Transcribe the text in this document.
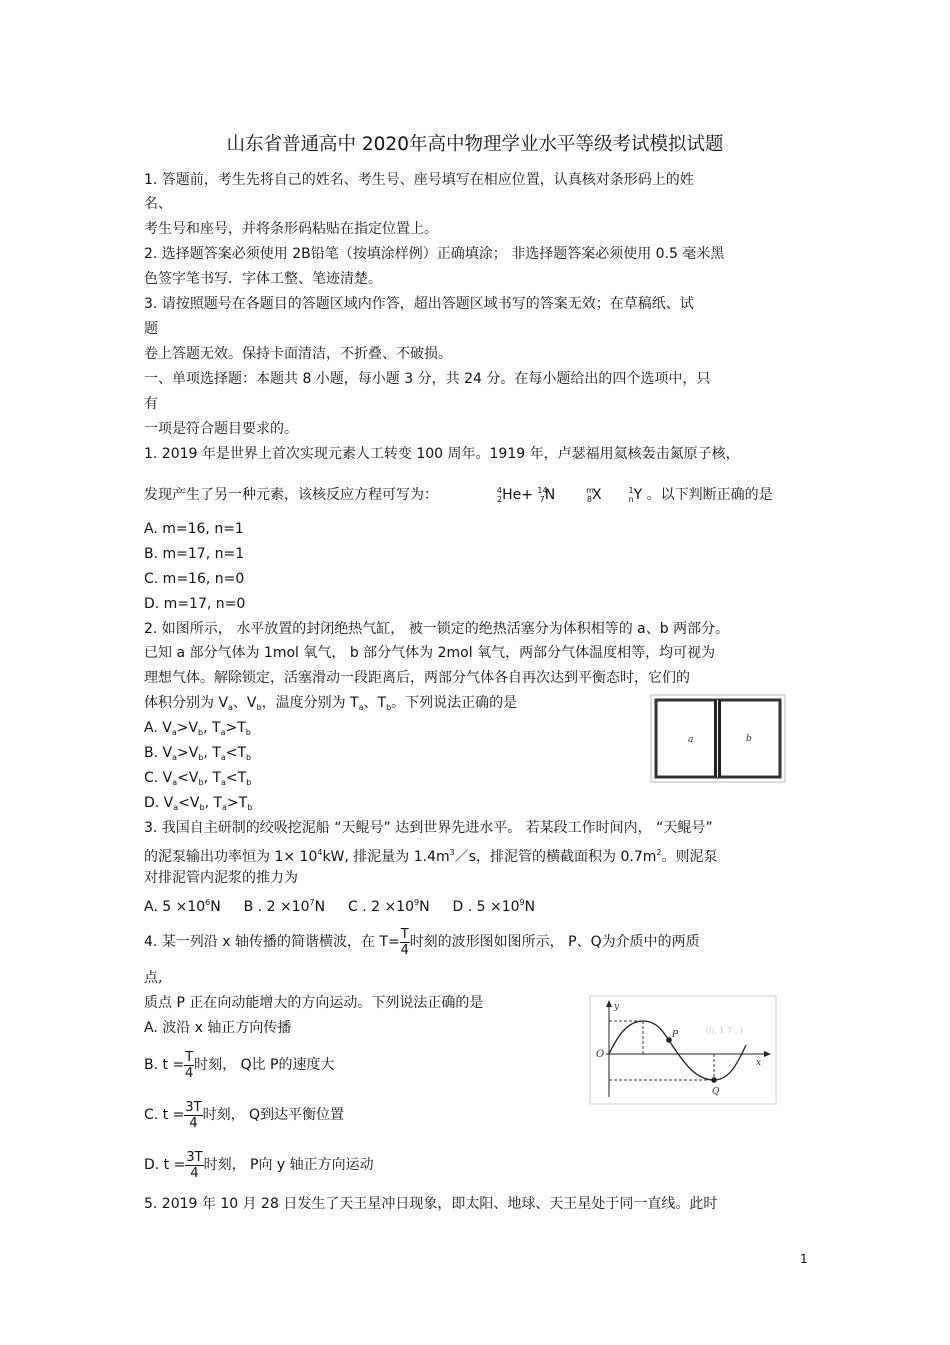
山东省普通高中 2020年高中物理学业水平等级考试模拟试题
1. 答题前，考生先将自己的姓名、考生号、座号填写在相应位置，认真核对条形码上的姓
名、
考生号和座号，并将条形码粘贴在指定位置上。
2. 选择题答案必须使用 2B铅笔（按填涂样例）正确填涂； 非选择题答案必须使用 0.5 毫米黑
色签字笔书写．字体工整、笔迹清楚。
3. 请按照题号在各题目的答题区域内作答，超出答题区域书写的答案无效；在草稿纸、试
题
卷上答题无效。保持卡面清洁，不折叠、不破损。
一、单项选择题：本题共 8 小题，每小题 3 分，共 24 分。在每小题给出的四个选项中，只
有
一项是符合题目要求的。
1. 2019 年是世界上首次实现元素人工转变 100 周年。1919 年，卢瑟福用氦核轰击氮原子核，
发现产生了另一种元素，该核反应方程可写为：	$^4_2$He+ $^{14}_7$N	$^m_8$X	$^1_n$Y 。以下判断正确的是
A. m=16, n=1
B. m=17, n=1
C. m=16, n=0
D. m=17, n=0
2. 如图所示， 水平放置的封闭绝热气缸， 被一锁定的绝热活塞分为体积相等的 a、b 两部分。
已知 a 部分气体为 1mol 氧气， b 部分气体为 2mol 氧气，两部分气体温度相等，均可视为
理想气体。解除锁定，活塞滑动一段距离后，两部分气体各自再次达到平衡态时，它们的
体积分别为 $V_a$、$V_b$，温度分别为 $T_a$、$T_b$。下列说法正确的是
A. $V_a>V_b$, $T_a>T_b$
B. $V_a>V_b$, $T_a<T_b$
C. $V_a<V_b$, $T_a<T_b$
D. $V_a<V_b$, $T_a>T_b$
a	b
3. 我国自主研制的绞吸挖泥船 “天鲲号” 达到世界先进水平。 若某段工作时间内， “天鲲号”
的泥泵输出功率恒为 $1\times 10^4kW$, 排泥量为 $1.4m^3/s$，排泥管的横截面积为 $0.7m^2$。则泥泵
对排泥管内泥浆的推力为
A. $5 \times 10^6N$ B . $2 \times 10^7N$ C . $2 \times 10^9N$ D . $5 \times 10^9N$
4. 某一列沿 x 轴传播的简谐横波，在 $T= \frac{T}{4}$ 时刻的波形图如图所示， P、Q为介质中的两质
点,
质点 P 正在向动能增大的方向运动。下列说法正确的是
A. 波沿 x 轴正方向传播
B. $t = \frac{T}{4}$ 时刻， Q比 P的速度大
C. $t = \frac{3T}{4}$ 时刻， Q到达平衡位置
D. $t = \frac{3T}{4}$ 时刻， P向 y 轴正方向运动
y
O
P
Q
x
(0. 1 7 . )
5. 2019 年 10 月 28 日发生了天王星冲日现象，即太阳、地球、天王星处于同一直线。此时
1
